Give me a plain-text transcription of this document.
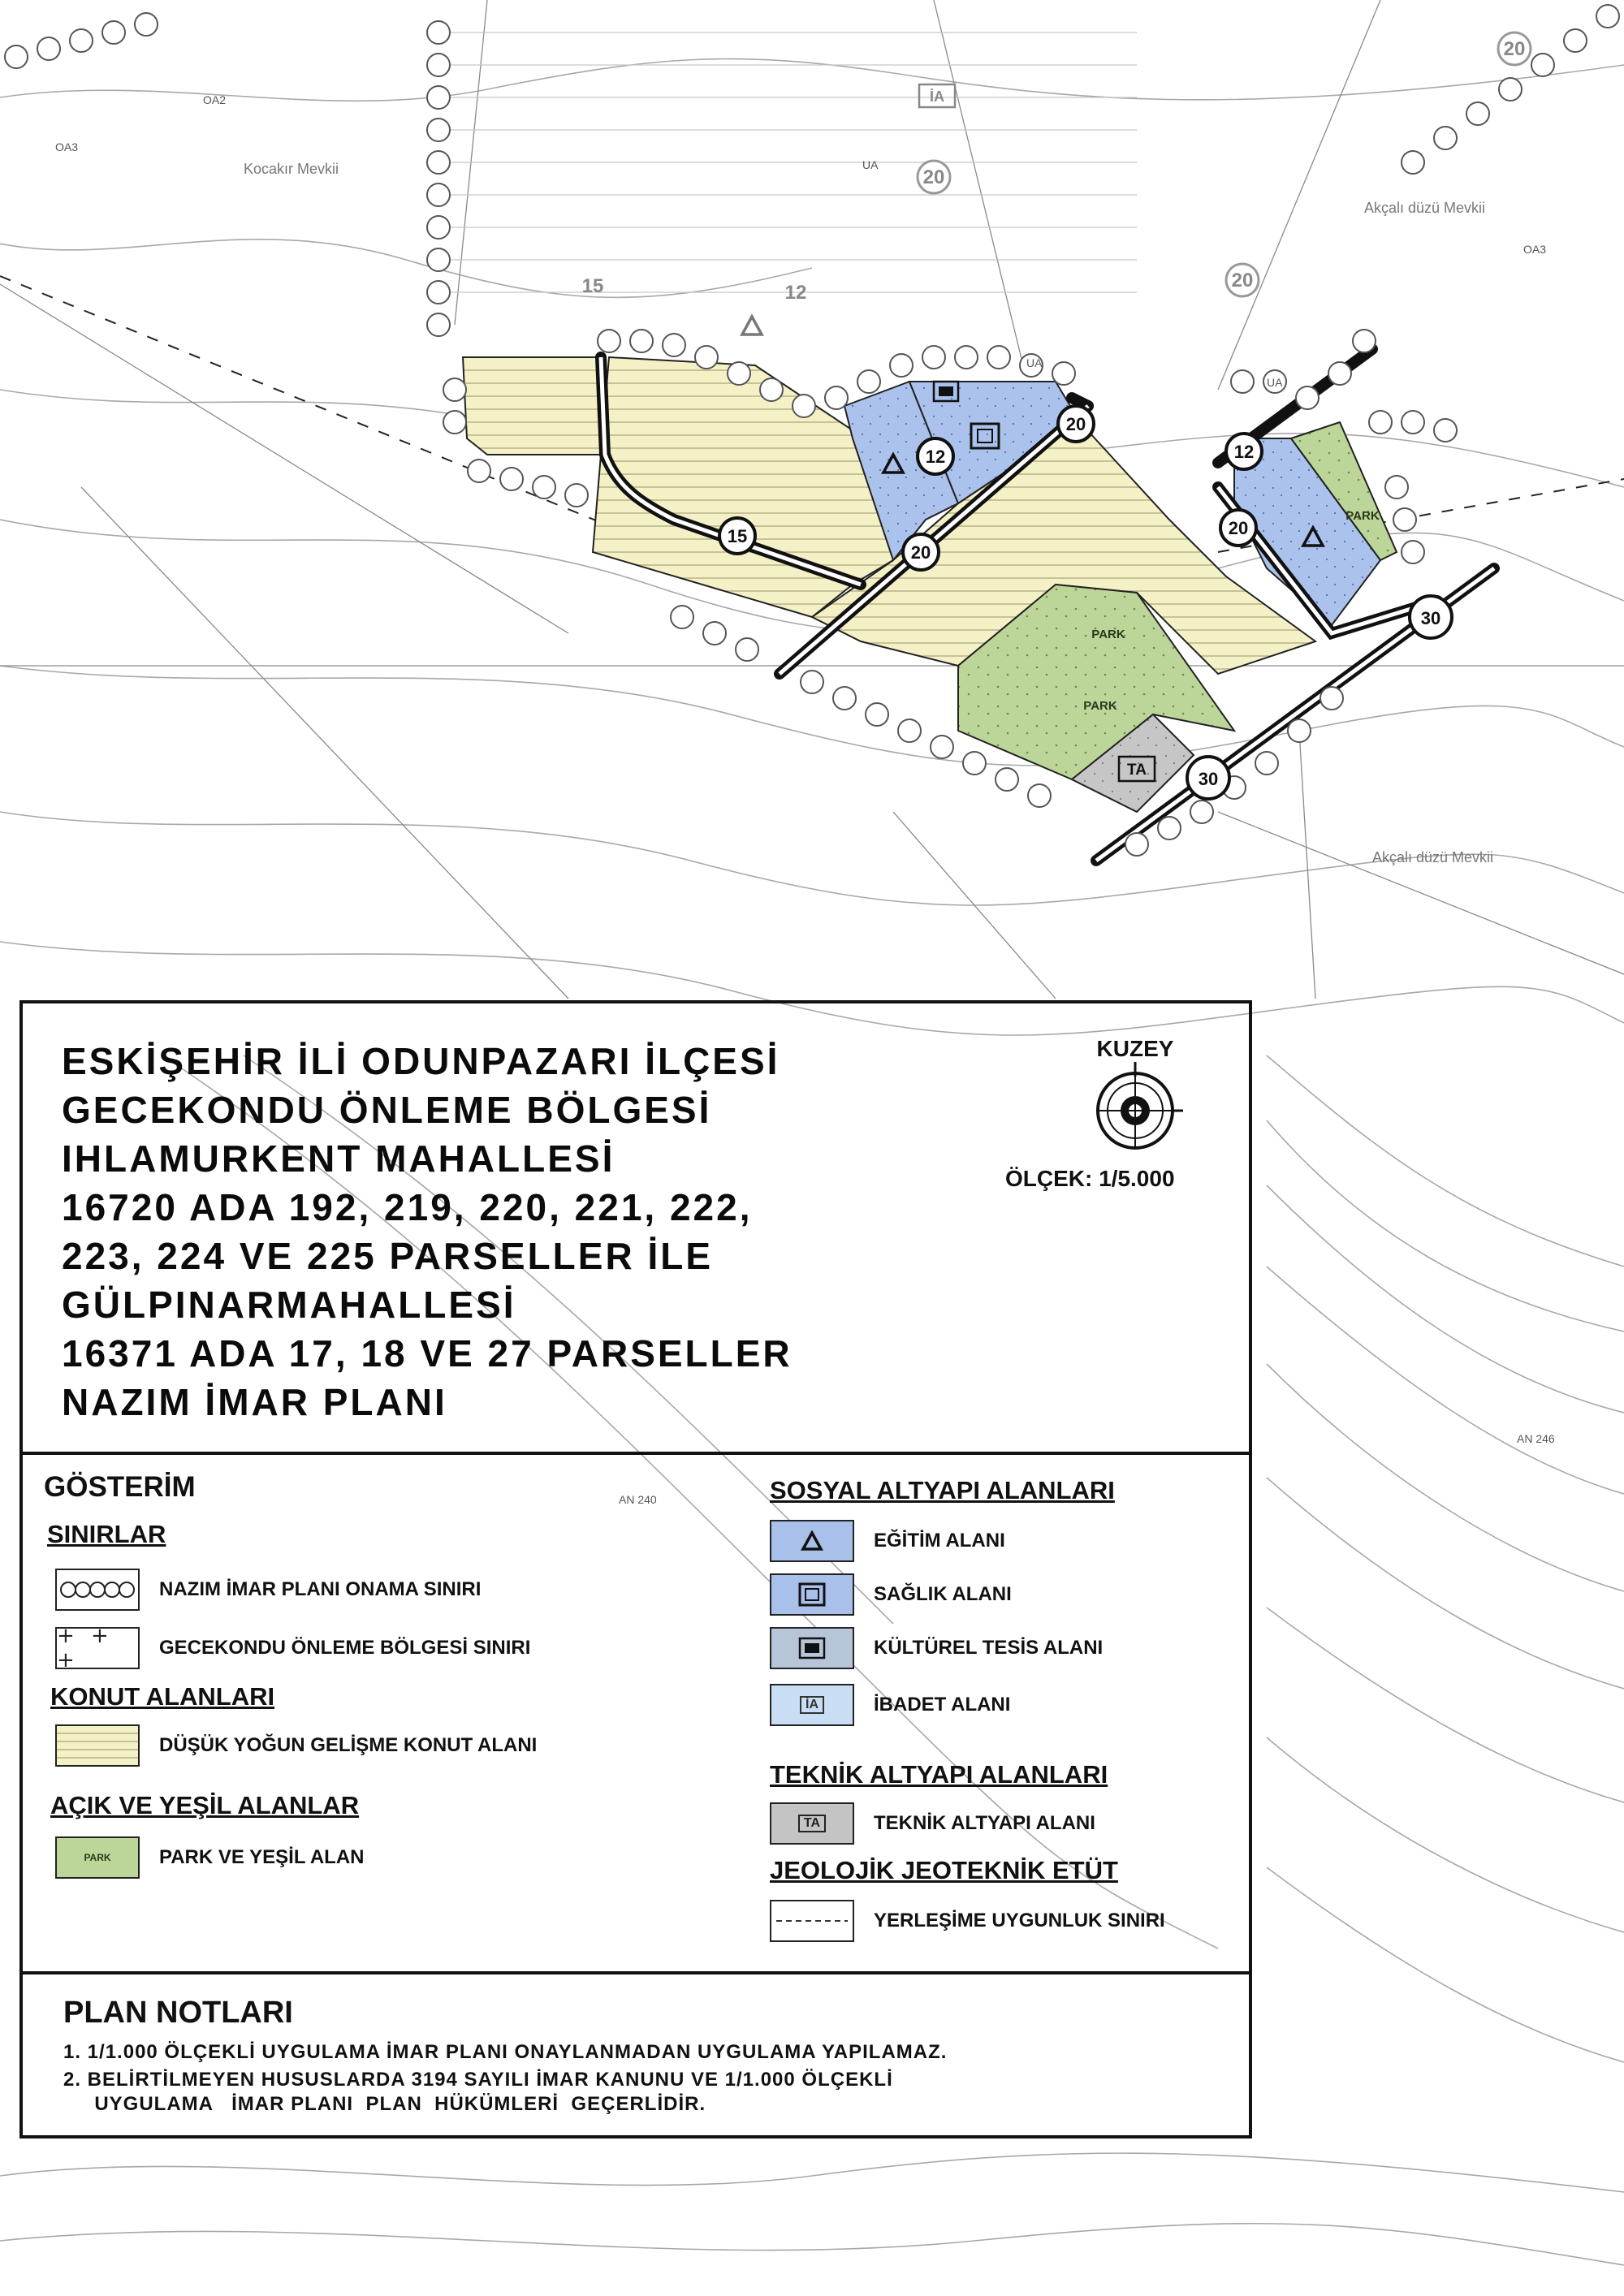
15
20
12
20
12
20
30
30
20
20
20
15	12
PARK
PARK
PARK
TA
İA
Kocakır Mevkii
Akçalı düzü Mevkii
Akçalı düzü Mevkii
OA2
OA3
OA3
UA
UA
UA
AN 240
AN 246
ESKİŞEHİR İLİ ODUNPAZARI İLÇESİ
GECEKONDU ÖNLEME BÖLGESİ
IHLAMURKENT MAHALLESİ
16720 ADA 192, 219, 220, 221, 222,
223, 224 VE 225 PARSELLER İLE
GÜLPINARMAHALLESİ
16371 ADA 17, 18 VE 27 PARSELLER
NAZIM İMAR PLANI
KUZEY
ÖLÇEK: 1/5.000
GÖSTERİM
SINIRLAR
NAZIM İMAR PLANI ONAMA SINIRI
+ + +
GECEKONDU ÖNLEME BÖLGESİ SINIRI
KONUT ALANLARI
DÜŞÜK YOĞUN GELİŞME KONUT ALANI
AÇIK VE YEŞİL ALANLAR
PARK PARK VE YEŞİL ALAN
SOSYAL ALTYAPI ALANLARI
EĞİTİM ALANI
SAĞLIK ALANI
KÜLTÜREL TESİS ALANI
İA	İBADET ALANI
TEKNİK ALTYAPI ALANLARI
TA	TEKNİK ALTYAPI ALANI
JEOLOJİK JEOTEKNİK ETÜT
YERLEŞİME UYGUNLUK SINIRI
PLAN NOTLARI
1. 1/1.000 ÖLÇEKLİ UYGULAMA İMAR PLANI ONAYLANMADAN UYGULAMA YAPILAMAZ.
2. BELİRTİLMEYEN HUSUSLARDA 3194 SAYILI İMAR KANUNU VE 1/1.000 ÖLÇEKLİ
UYGULAMA   İMAR PLANI  PLAN  HÜKÜMLERİ  GEÇERLİDİR.
